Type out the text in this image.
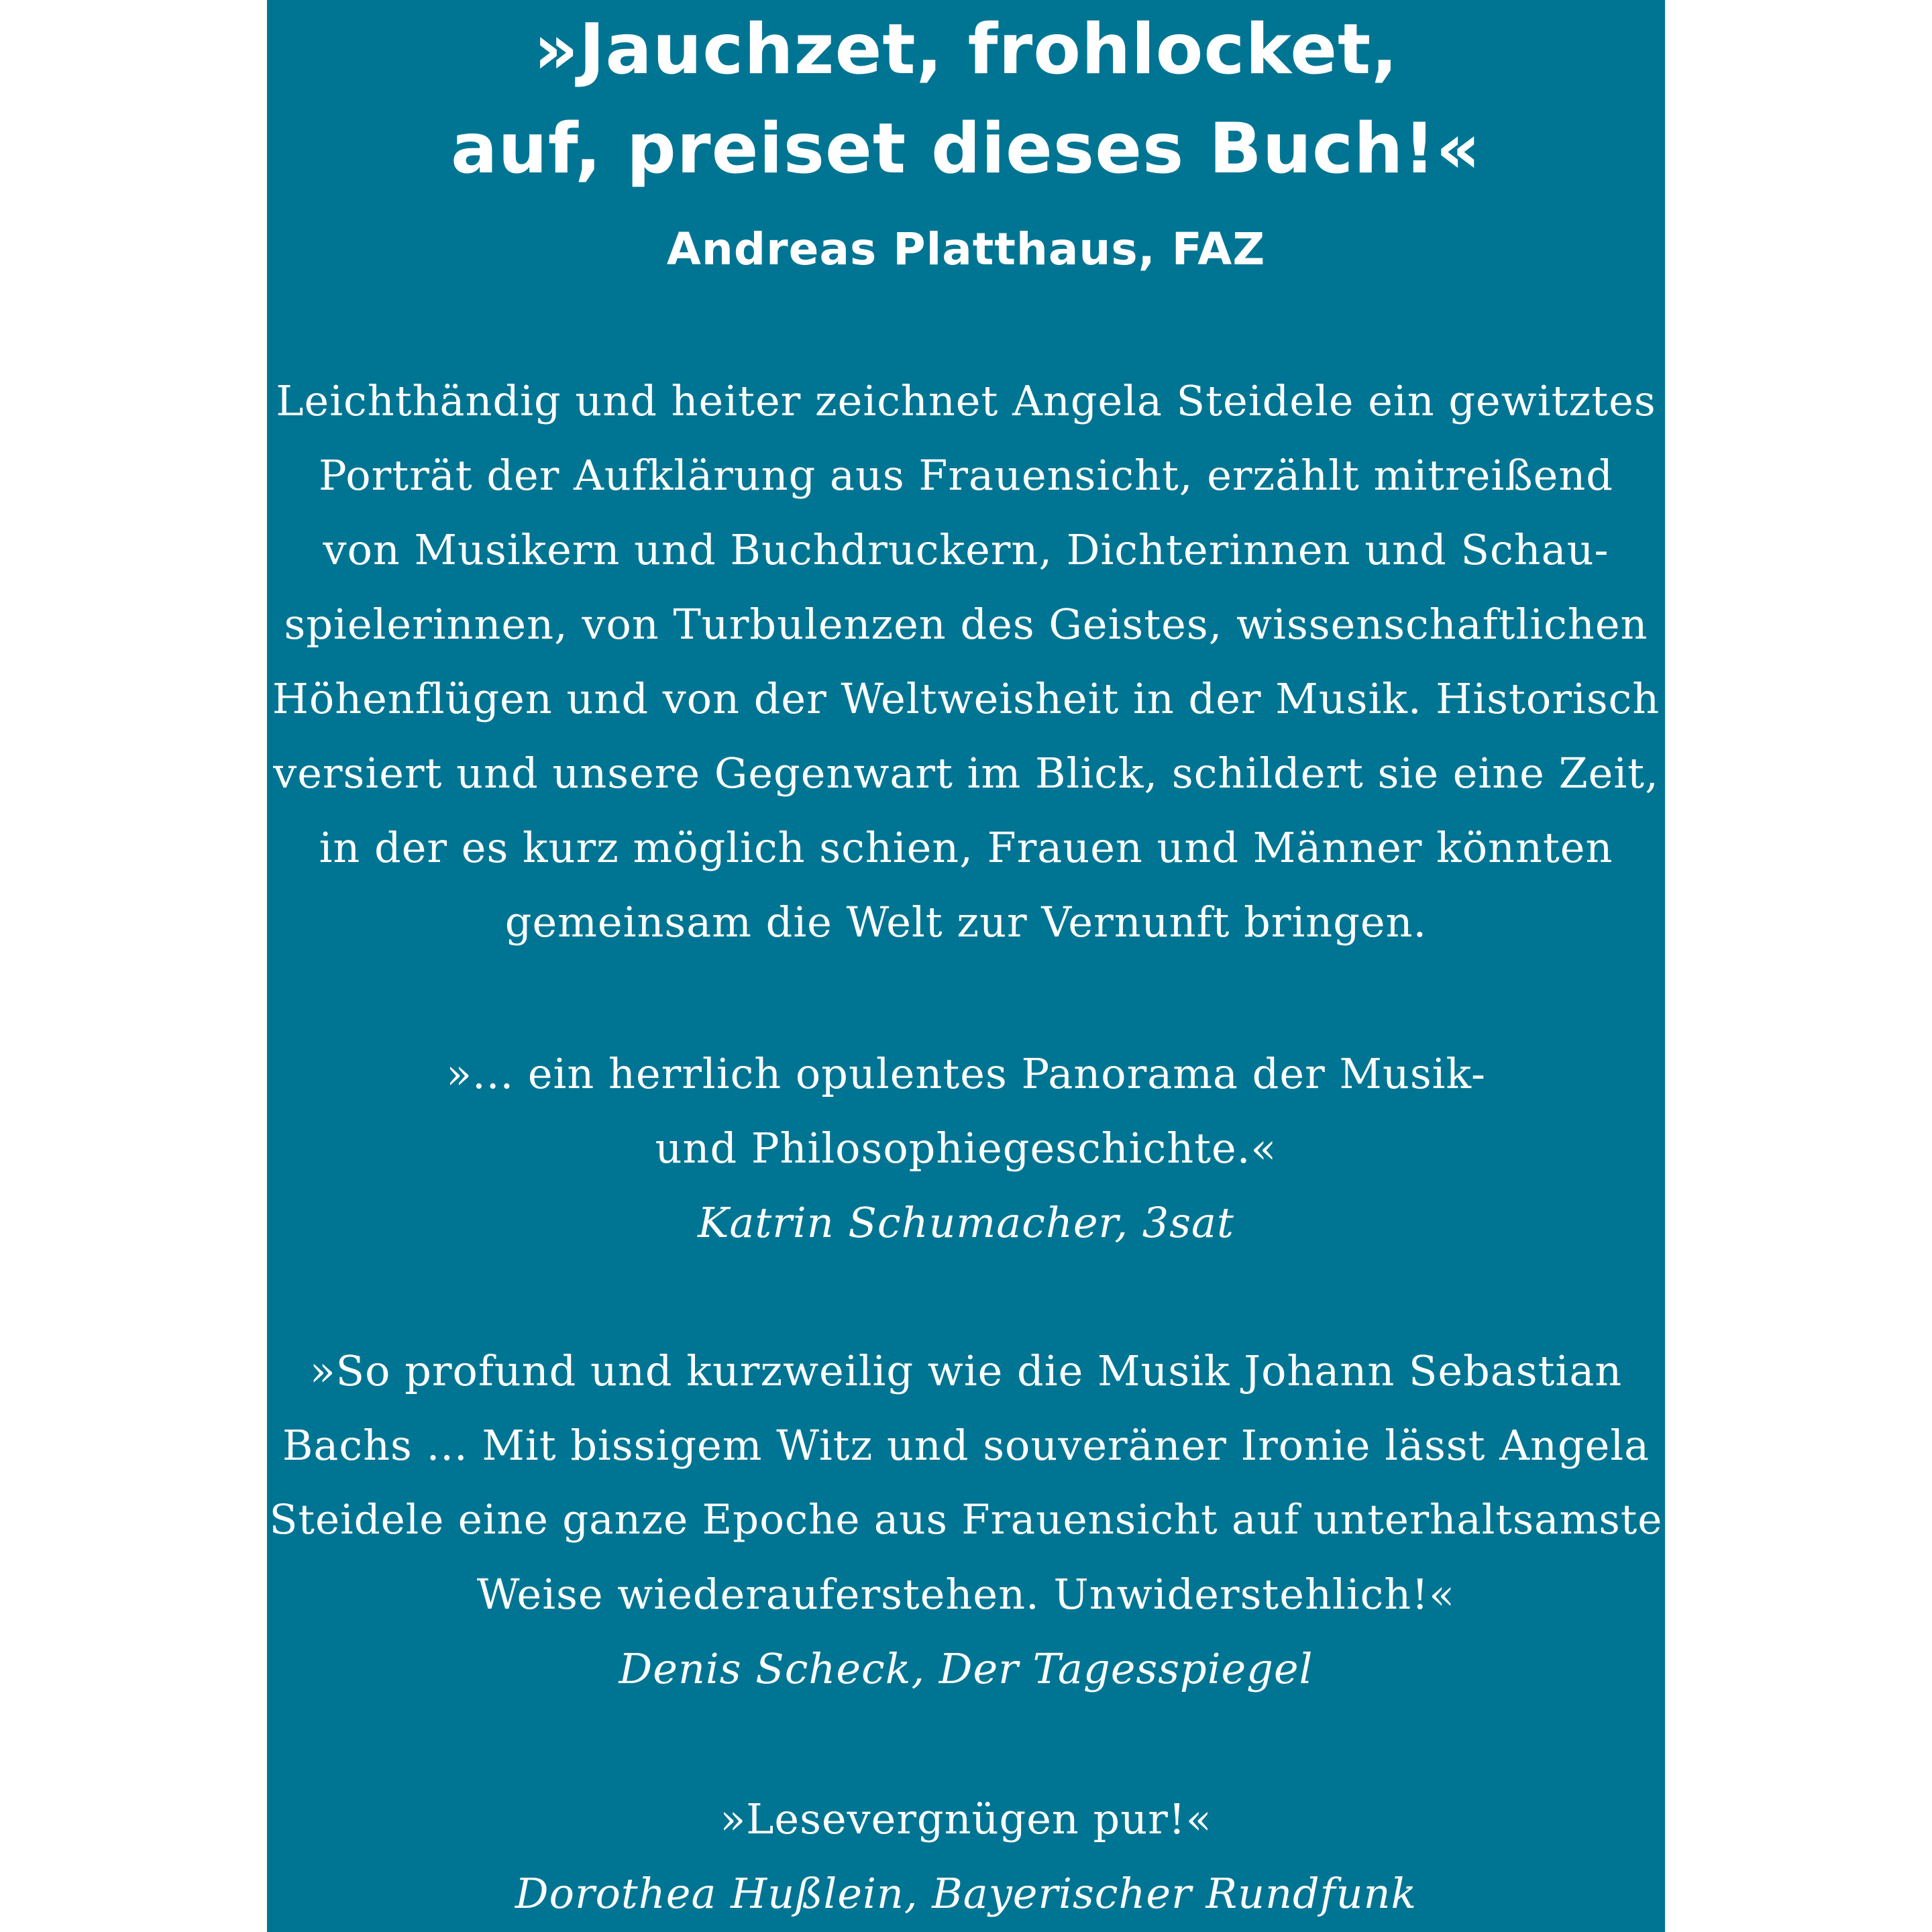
»Jauchzet, frohlocket,
auf, preiset dieses Buch!«
Andreas Platthaus, FAZ
Leichthändig und heiter zeichnet Angela Steidele ein gewitztes
Porträt der Aufklärung aus Frauensicht, erzählt mitreißend
von Musikern und Buchdruckern, Dichterinnen und Schau-
spielerinnen, von Turbulenzen des Geistes, wissenschaftlichen
Höhenflügen und von der Weltweisheit in der Musik. Historisch
versiert und unsere Gegenwart im Blick, schildert sie eine Zeit,
in der es kurz möglich schien, Frauen und Männer könnten
gemeinsam die Welt zur Vernunft bringen.
»... ein herrlich opulentes Panorama der Musik-
und Philosophiegeschichte.«
Katrin Schumacher, 3sat
»So profund und kurzweilig wie die Musik Johann Sebastian
Bachs ... Mit bissigem Witz und souveräner Ironie lässt Angela
Steidele eine ganze Epoche aus Frauensicht auf unterhaltsamste
Weise wiederauferstehen. Unwiderstehlich!«
Denis Scheck, Der Tagesspiegel
»Lesevergnügen pur!«
Dorothea Hußlein, Bayerischer Rundfunk
